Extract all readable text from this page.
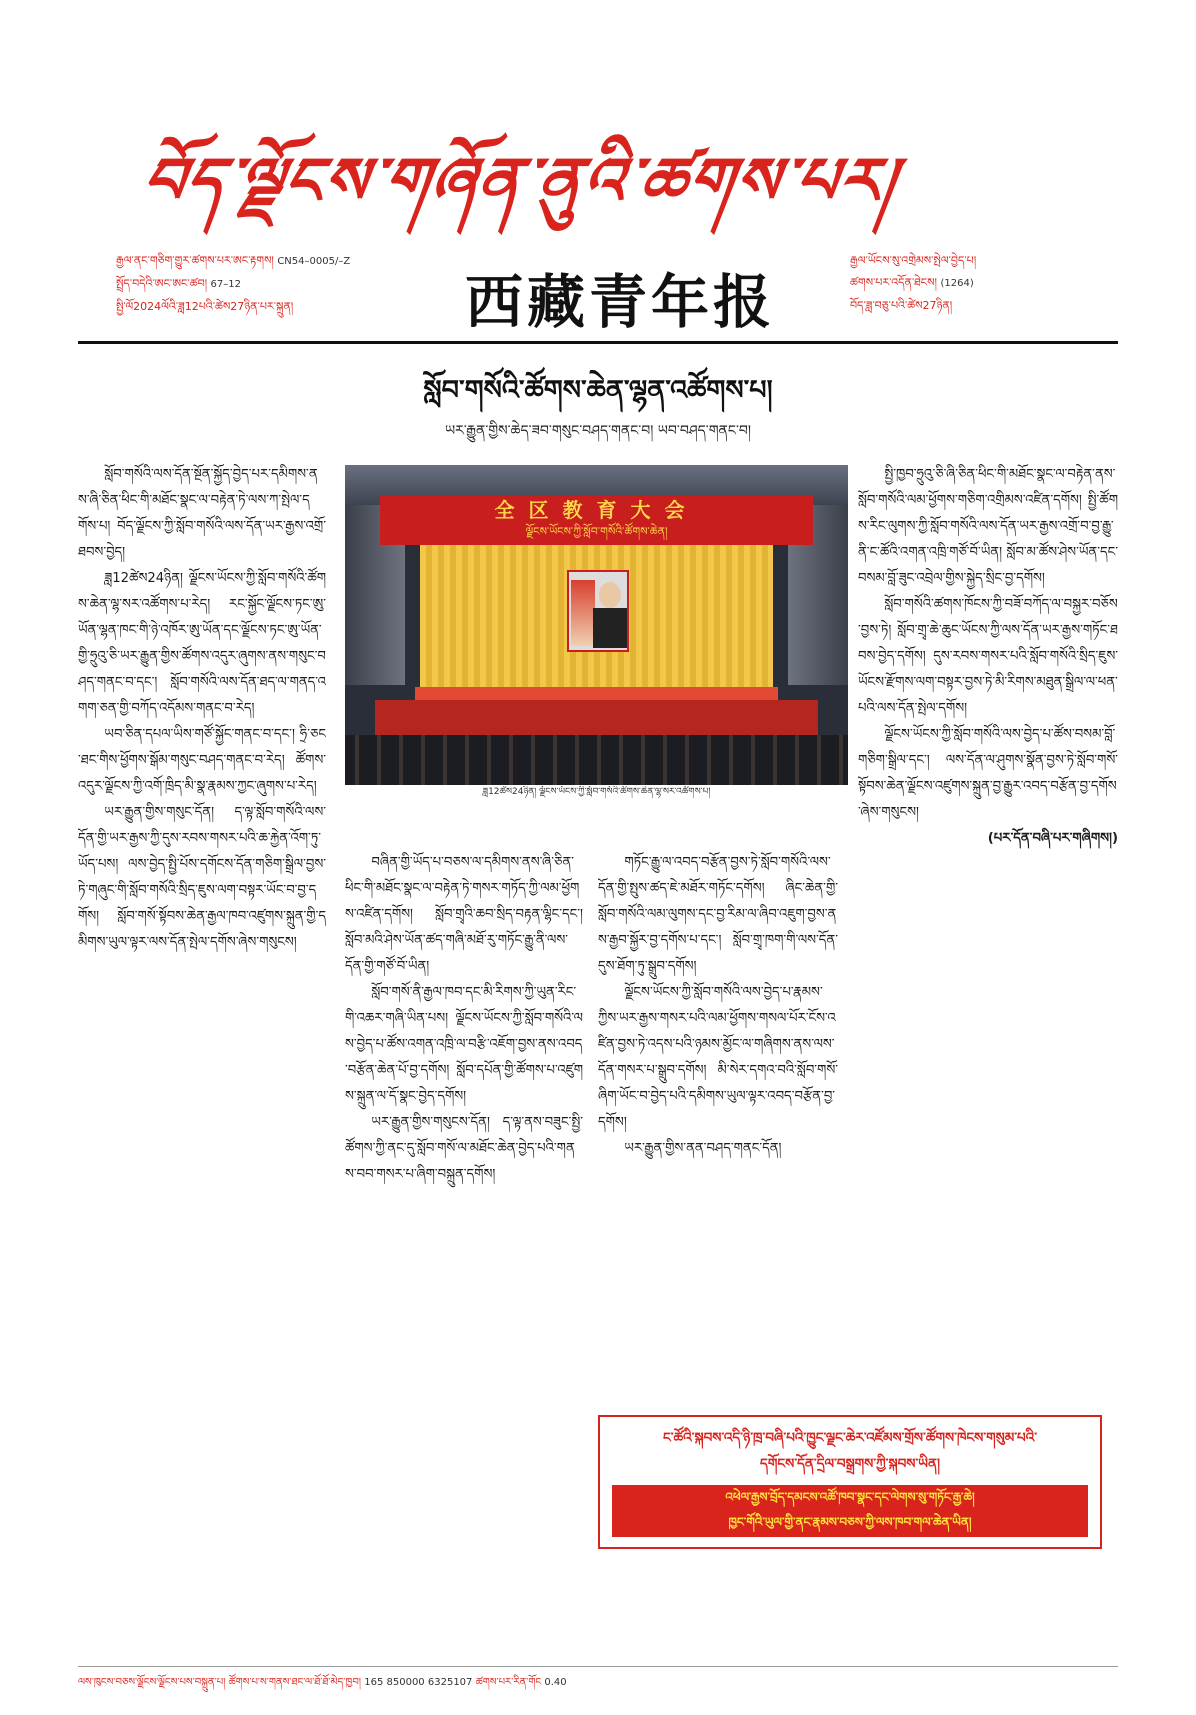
བོད་ལྗོངས་གཞོན་ནུའི་ཚགས་པར།
རྒྱལ་ནང་གཅིག་གྱུར་ཚགས་པར་ཨང་རྟགས། CN54–0005/–Z
སྤྲོད་བདེའི་ཨང་ཨང་ཚབ། 67–12
སྤྱི་ལོ2024ལོའི་ཟླ12པའི་ཚེས27ཉིན་པར་སྐྲུན།	西藏青年报
རྒྱལ་ཡོངས་སུ་འགྲེམས་སྤེལ་བྱེད་པ།
ཚགས་པར་འདོན་ཐེངས། (1264)
བོད་ཟླ་བཅུ་པའི་ཚེས27ཉིན།
སློབ་གསོའི་ཚོགས་ཆེན་ལྷན་འཚོགས་པ།
ཡར་རྒྱུན་གྱིས་ཆེད་ཟབ་གསུང་བཤད་གནང་བ། ཡབ་བཤད་གནང་བ།

སློབ་གསོའི་ལས་དོན་སྔོན་སྐྱོད་བྱེད་པར་དམིགས་ནས་ཞི་ཅིན་ཕིང་གི་མཐོང་སྣང་ལ་བརྟེན་ཏེ་ལས་ཀ་སྤེལ་དགོས་པ། བོད་ལྗོངས་ཀྱི་སློབ་གསོའི་ལས་དོན་ཡར་རྒྱས་འགྲོ་ཐབས་བྱེད།

ཟླ12ཚེས24ཉིན། ལྗོངས་ཡོངས་ཀྱི་སློབ་གསོའི་ཚོགས་ཆེན་ལྷ་སར་འཚོགས་པ་རེད། རང་སྐྱོང་ལྗོངས་ཏང་ཨུ་ཡོན་ལྷན་ཁང་གི་ཉེ་འཁོར་ཨུ་ཡོན་དང་ལྗོངས་ཏང་ཨུ་ཡོན་གྱི་ཧྲུའུ་ཅི་ཡར་རྒྱུན་གྱིས་ཚོགས་འདུར་ཞུགས་ནས་གསུང་བཤད་གནང་བ་དང་། སློབ་གསོའི་ལས་དོན་ཐད་ལ་གནད་འགག་ཅན་གྱི་བཀོད་འདོམས་གནང་བ་རེད།

ཡབ་ཅིན་དཔལ་ཡིས་གཙོ་སྐྱོང་གནང་བ་དང་། ཧྲི་ཅང་ཐང་གིས་ཕྱོགས་སྒོམ་གསུང་བཤད་གནང་བ་རེད། ཚོགས་འདུར་ལྗོངས་ཀྱི་འགོ་ཁྲིད་མི་སྣ་རྣམས་ཀྱང་ཞུགས་པ་རེད།

ཡར་རྒྱུན་གྱིས་གསུང་དོན། ད་ལྟ་སློབ་གསོའི་ལས་དོན་གྱི་ཡར་རྒྱས་ཀྱི་དུས་རབས་གསར་པའི་ཆ་རྐྱེན་འོག་ཏུ་ཡོད་པས། ལས་བྱེད་སྤྱི་པོས་དགོངས་དོན་གཅིག་སྒྲིལ་བྱས་ཏེ་གཞུང་གི་སློབ་གསོའི་སྲིད་ཇུས་ལག་བསྟར་ཡོང་བ་བྱ་དགོས། སློབ་གསོ་སྟོབས་ཆེན་རྒྱལ་ཁབ་འཛུགས་སྐྲུན་གྱི་དམིགས་ཡུལ་ལྟར་ལས་དོན་སྤེལ་དགོས་ཞེས་གསུངས།

全区教育大会
ལྗོངས་ཡོངས་ཀྱི་སློབ་གསོའི་ཚོགས་ཆེན།
ཟླ12ཚེས24ཉིན། ལྗོངས་ཡོངས་ཀྱི་སློབ་གསོའི་ཚོགས་ཆེན་ལྷ་སར་འཚོགས་པ།

བཞིན་གྱི་ཡོད་པ་བཅས་ལ་དམིགས་ནས་ཞི་ཅིན་ཕིང་གི་མཐོང་སྣང་ལ་བརྟེན་ཏེ་གསར་གཏོད་ཀྱི་ལམ་ཕྱོགས་འཛིན་དགོས། སློབ་གྲྭའི་ཆབ་སྲིད་བརྟན་ལྷིང་དང་། སློབ་མའི་ཤེས་ཡོན་ཚད་གཞི་མཐོ་རུ་གཏོང་རྒྱུ་ནི་ལས་དོན་གྱི་གཙོ་བོ་ཡིན།

སློབ་གསོ་ནི་རྒྱལ་ཁབ་དང་མི་རིགས་ཀྱི་ཡུན་རིང་གི་འཆར་གཞི་ཡིན་པས། ལྗོངས་ཡོངས་ཀྱི་སློབ་གསོའི་ལས་བྱེད་པ་ཚོས་འགན་འཁྲི་ལ་བརྩི་འཇོག་བྱས་ནས་འབད་བརྩོན་ཆེན་པོ་བྱ་དགོས། སློབ་དཔོན་གྱི་ཚོགས་པ་འཛུགས་སྐྲུན་ལ་དོ་སྣང་བྱེད་དགོས།

ཡར་རྒྱུན་གྱིས་གསུངས་དོན། ད་ལྟ་ནས་བཟུང་སྤྱི་ཚོགས་ཀྱི་ནང་དུ་སློབ་གསོ་ལ་མཐོང་ཆེན་བྱེད་པའི་གནས་བབ་གསར་པ་ཞིག་བསྐྲུན་དགོས།

གཏོང་རྒྱུ་ལ་འབད་བརྩོན་བྱས་ཏེ་སློབ་གསོའི་ལས་དོན་གྱི་སྤུས་ཚད་ཇེ་མཐོར་གཏོང་དགོས། ཞིང་ཆེན་གྱི་སློབ་གསོའི་ལམ་ལུགས་དང་བྱ་རིམ་ལ་ཞིབ་འཇུག་བྱས་ནས་རྒྱབ་སྐྱོར་བྱ་དགོས་པ་དང་། སློབ་གྲྭ་ཁག་གི་ལས་དོན་དུས་ཐོག་ཏུ་སྒྲུབ་དགོས།

ལྗོངས་ཡོངས་ཀྱི་སློབ་གསོའི་ལས་བྱེད་པ་རྣམས་ཀྱིས་ཡར་རྒྱས་གསར་པའི་ལམ་ཕྱོགས་གསལ་པོར་ངོས་འཛིན་བྱས་ཏེ་འདས་པའི་ཉམས་མྱོང་ལ་གཞིགས་ནས་ལས་དོན་གསར་པ་སྒྲུབ་དགོས། མི་སེར་དགའ་བའི་སློབ་གསོ་ཞིག་ཡོང་བ་བྱེད་པའི་དམིགས་ཡུལ་ལྟར་འབད་བརྩོན་བྱ་དགོས།

ཡར་རྒྱུན་གྱིས་ནན་བཤད་གནང་དོན།

སྤྱི་ཁྱབ་ཧྲུའུ་ཅི་ཞི་ཅིན་ཕིང་གི་མཐོང་སྣང་ལ་བརྟེན་ནས་སློབ་གསོའི་ལམ་ཕྱོགས་གཅིག་འགྲིམས་འཛིན་དགོས། སྤྱི་ཚོགས་རིང་ལུགས་ཀྱི་སློབ་གསོའི་ལས་དོན་ཡར་རྒྱས་འགྲོ་བ་བྱ་རྒྱུ་ནི་ང་ཚོའི་འགན་འཁྲི་གཙོ་བོ་ཡིན། སློབ་མ་ཚོས་ཤེས་ཡོན་དང་བསམ་བློ་ཟུང་འབྲེལ་གྱིས་སྐྱེད་སྲིང་བྱ་དགོས།

སློབ་གསོའི་ཚགས་ཁོངས་ཀྱི་བཟོ་བཀོད་ལ་བསྐྱར་བཅོས་བྱས་ཏེ། སློབ་གྲྭ་ཆེ་ཆུང་ཡོངས་ཀྱི་ལས་དོན་ཡར་རྒྱས་གཏོང་ཐབས་བྱེད་དགོས། དུས་རབས་གསར་པའི་སློབ་གསོའི་སྲིད་ཇུས་ཡོངས་རྫོགས་ལག་བསྟར་བྱས་ཏེ་མི་རིགས་མཐུན་སྒྲིལ་ལ་ཕན་པའི་ལས་དོན་སྤེལ་དགོས།

ལྗོངས་ཡོངས་ཀྱི་སློབ་གསོའི་ལས་བྱེད་པ་ཚོས་བསམ་བློ་གཅིག་སྒྲིལ་དང་། ལས་དོན་ལ་ཤུགས་སྣོན་བྱས་ཏེ་སློབ་གསོ་སྟོབས་ཆེན་ལྗོངས་འཛུགས་སྐྲུན་བྱ་རྒྱུར་འབད་བརྩོན་བྱ་དགོས་ཞེས་གསུངས།

(པར་དོན་བཞི་པར་གཞིགས།)

ང་ཚོའི་སྐབས་འདི་ཉི་ཁྲ་བཞི་པའི་ཁྱུང་ལྗང་ཆེར་འཛོམས་གྲོས་ཚོགས་ཁེངས་གསུམ་པའི་
དགོངས་དོན་དྲིལ་བསྒྲགས་ཀྱི་སྐབས་ཡིན།
འཕེལ་རྒྱས་བྲོད་དམངས་འཚོ་ཁབ་སྣང་དང་ལེགས་སུ་གཏོང་རྒྱ་ཆེ།
ཁྱང་གོའི་ཡུལ་གྱི་ནང་རྣམས་བཅས་ཀྱི་ལས་ཁབ་གལ་ཆེན་ཡིན།
ལས་ཁུངས་བཅས་ལྗོངས་ལྗོངས་པས་བསྐྲུན་པ། ཚོགས་པ་ས་གནས་ཐང་ལ་ཐོ་ཐོ་མེད་ཁྱབ། 165 850000 6325107 ཚགས་པར་རིན་གོང 0.40
